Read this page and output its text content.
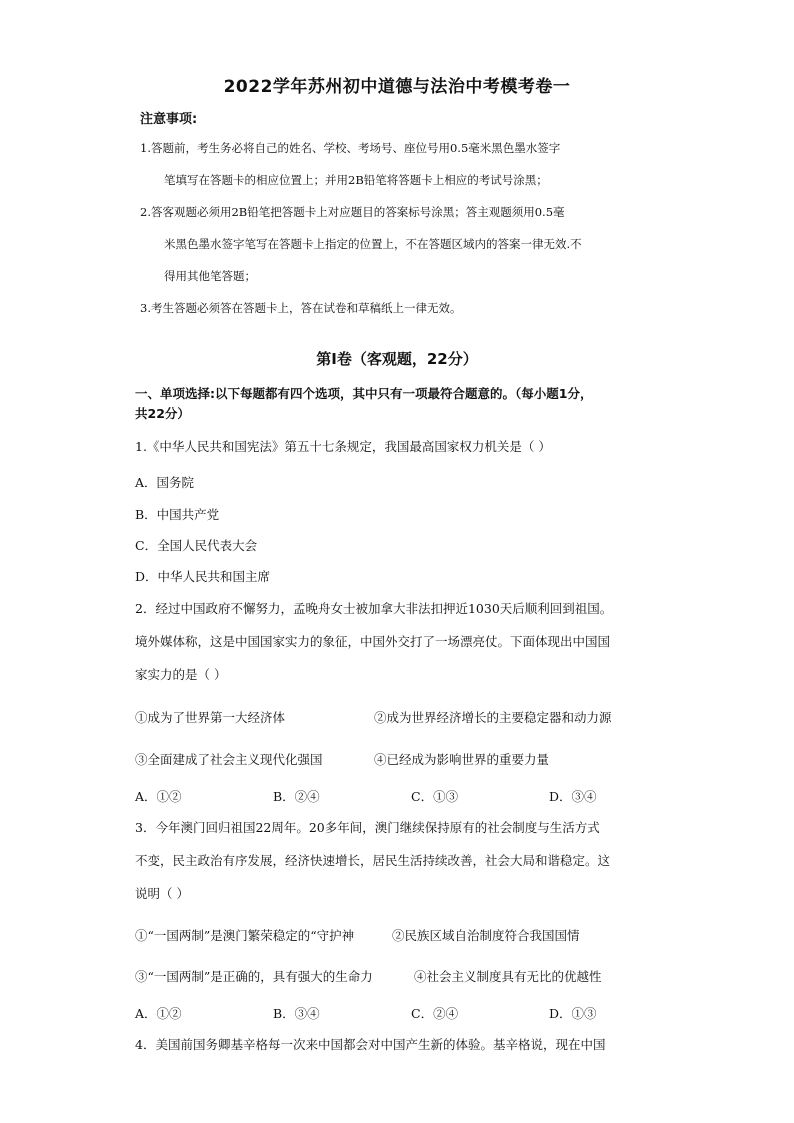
2022学年苏州初中道德与法治中考模考卷一
注意事项:
1.答题前，考生务必将自己的姓名、学校、考场号、座位号用0.5毫米黑色墨水签字
笔填写在答题卡的相应位置上；并用2B铅笔将答题卡上相应的考试号涂黑；
2.答客观题必须用2B铅笔把答题卡上对应题目的答案标号涂黑；答主观题须用0.5毫
米黑色墨水签字笔写在答题卡上指定的位置上，不在答题区域内的答案一律无效.不
得用其他笔答题；
3.考生答题必须答在答题卡上，答在试卷和草稿纸上一律无效。
第Ⅰ卷（客观题，22分）
一、单项选择:以下每题都有四个选项，其中只有一项最符合题意的。（每小题1分，
共22分）
1.《中华人民共和国宪法》第五十七条规定，我国最高国家权力机关是（ ）
A．国务院
B．中国共产党
C．全国人民代表大会
D．中华人民共和国主席
2．经过中国政府不懈努力，孟晚舟女士被加拿大非法扣押近1030天后顺利回到祖国。
境外媒体称，这是中国国家实力的象征，中国外交打了一场漂亮仗。下面体现出中国国
家实力的是（ ）
①成为了世界第一大经济体	②成为世界经济增长的主要稳定器和动力源
③全面建成了社会主义现代化强国	④已经成为影响世界的重要力量
A．①②	B．②④	C．①③	D．③④
3．今年澳门回归祖国22周年。20多年间，澳门继续保持原有的社会制度与生活方式
不变，民主政治有序发展，经济快速增长，居民生活持续改善，社会大局和谐稳定。这
说明（ ）
①“一国两制”是澳门繁荣稳定的“守护神	②民族区域自治制度符合我国国情
③“一国两制”是正确的，具有强大的生命力	④社会主义制度具有无比的优越性
A．①②	B．③④	C．②④	D．①③
4．美国前国务卿基辛格每一次来中国都会对中国产生新的体验。基辛格说，现在中国
